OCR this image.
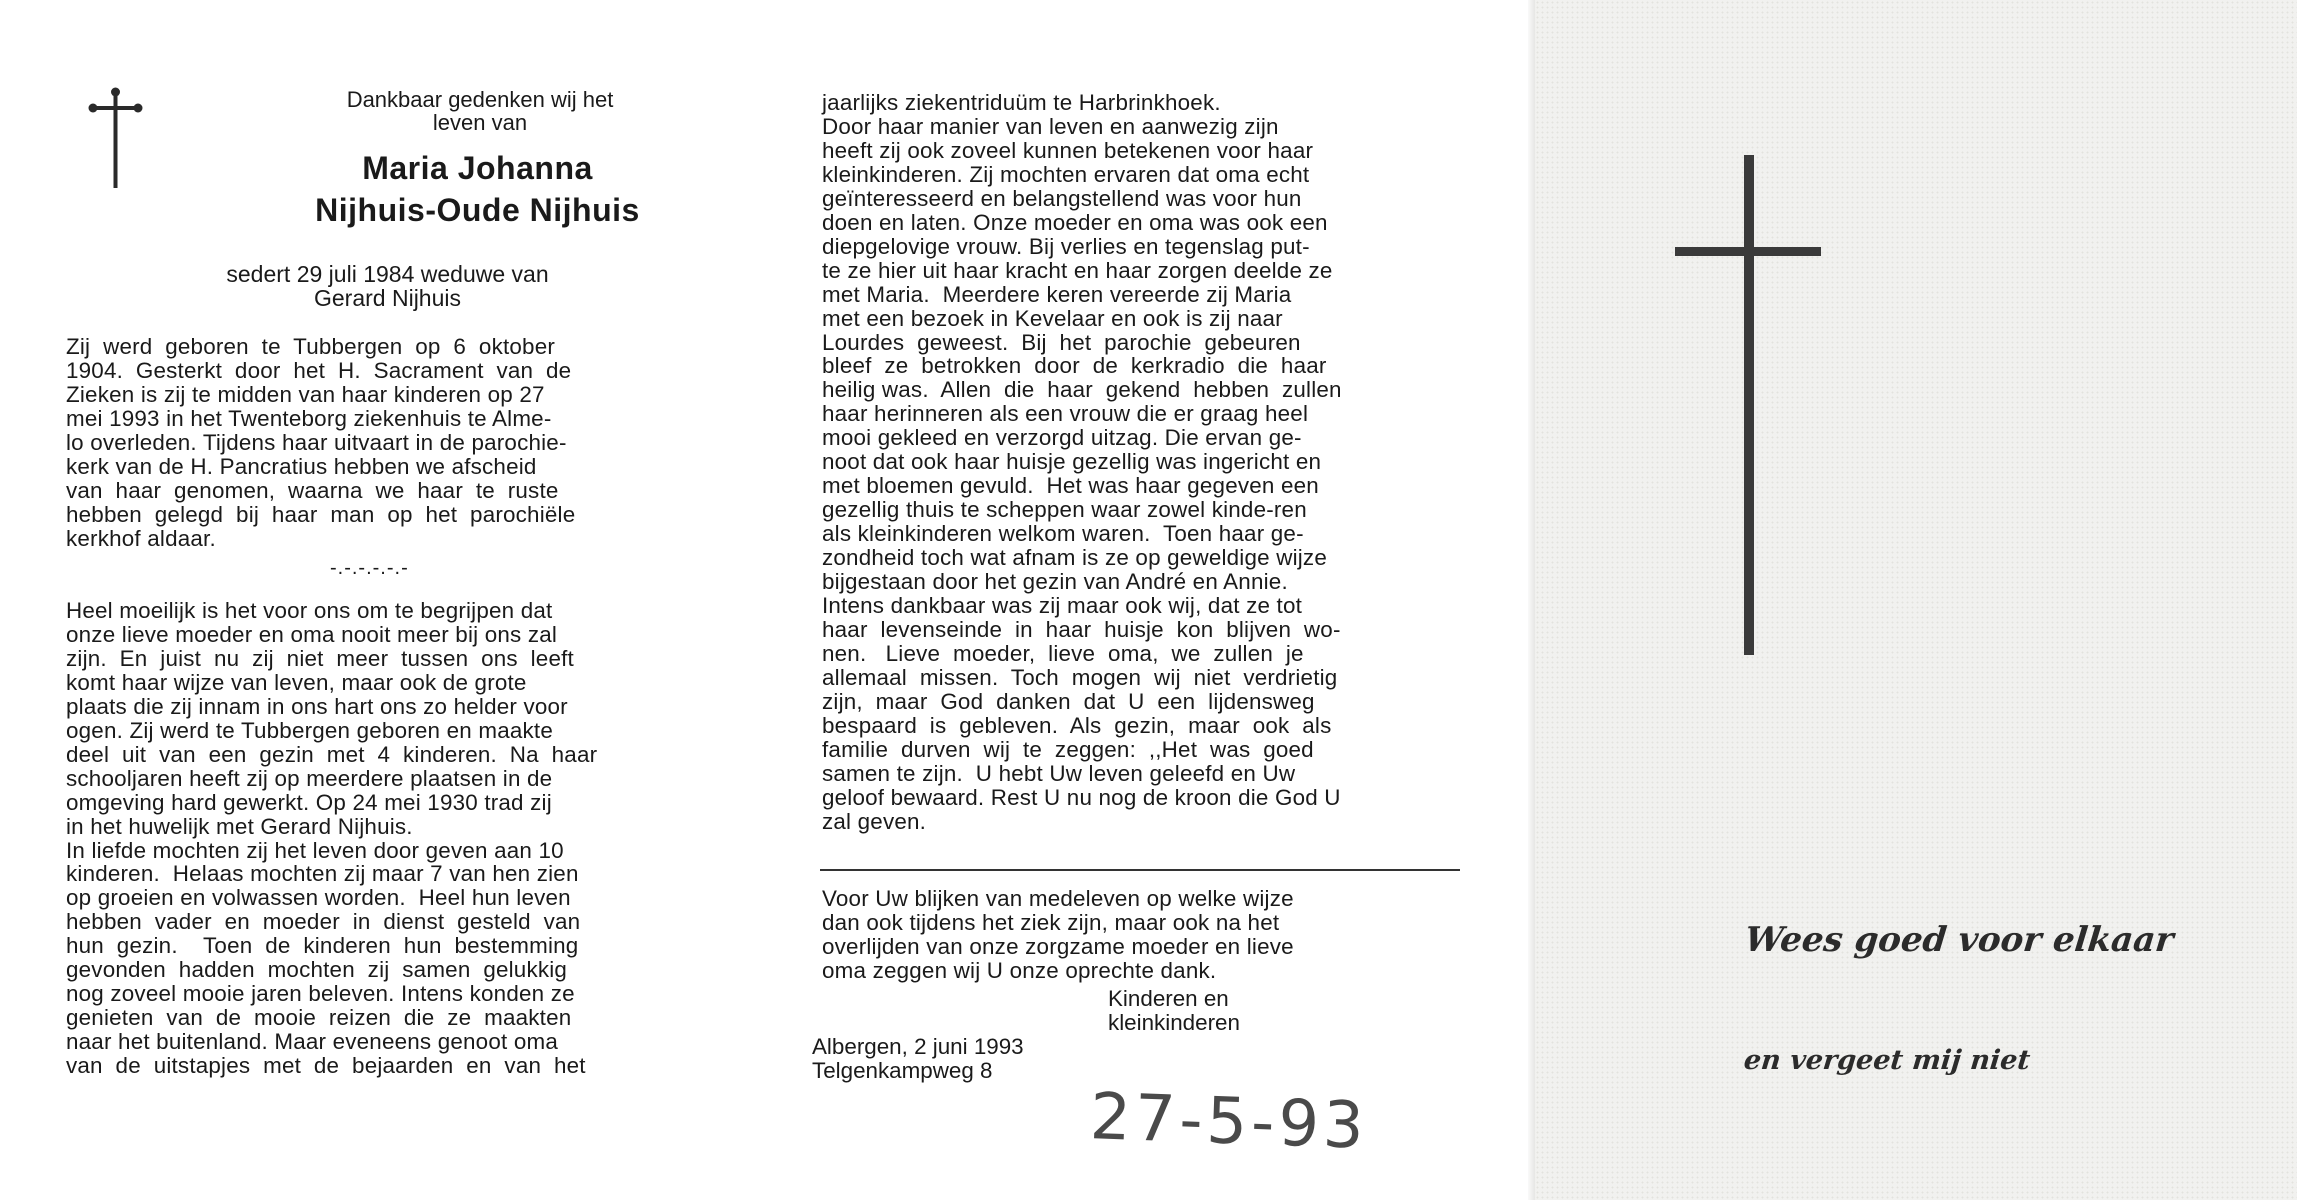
Dankbaar gedenken wij het
leven van
Maria Johanna
Nijhuis-Oude Nijhuis
sedert 29 juli 1984 weduwe van
Gerard Nijhuis
Zij  werd  geboren  te  Tubbergen  op  6  oktober
1904.  Gesterkt  door  het  H.  Sacrament  van  de
Zieken is zij te midden van haar kinderen op 27
mei 1993 in het Twenteborg ziekenhuis te Alme-
lo overleden. Tijdens haar uitvaart in de parochie-
kerk van de H. Pancratius hebben we afscheid
van  haar  genomen,  waarna  we  haar  te  ruste
hebben  gelegd  bij  haar  man  op  het  parochiële
kerkhof aldaar.
-.-.-.-.-.-
Heel moeilijk is het voor ons om te begrijpen dat
onze lieve moeder en oma nooit meer bij ons zal
zijn.  En  juist  nu  zij  niet  meer  tussen  ons  leeft
komt haar wijze van leven, maar ook de grote
plaats die zij innam in ons hart ons zo helder voor
ogen. Zij werd te Tubbergen geboren en maakte
deel  uit  van  een  gezin  met  4  kinderen.  Na  haar
schooljaren heeft zij op meerdere plaatsen in de
omgeving hard gewerkt. Op 24 mei 1930 trad zij
in het huwelijk met Gerard Nijhuis.
In liefde mochten zij het leven door geven aan 10
kinderen.  Helaas mochten zij maar 7 van hen zien
op groeien en volwassen worden.  Heel hun leven
hebben  vader  en  moeder  in  dienst  gesteld  van
hun  gezin.    Toen  de  kinderen  hun  bestemming
gevonden  hadden  mochten  zij  samen  gelukkig
nog zoveel mooie jaren beleven. Intens konden ze
genieten  van  de  mooie  reizen  die  ze  maakten
naar het buitenland. Maar eveneens genoot oma
van  de  uitstapjes  met  de  bejaarden  en  van  het
jaarlijks ziekentriduüm te Harbrinkhoek.
Door haar manier van leven en aanwezig zijn
heeft zij ook zoveel kunnen betekenen voor haar
kleinkinderen. Zij mochten ervaren dat oma echt
geïnteresseerd en belangstellend was voor hun
doen en laten. Onze moeder en oma was ook een
diepgelovige vrouw. Bij verlies en tegenslag put-
te ze hier uit haar kracht en haar zorgen deelde ze
met Maria.  Meerdere keren vereerde zij Maria
met een bezoek in Kevelaar en ook is zij naar
Lourdes  geweest.  Bij  het  parochie  gebeuren
bleef  ze  betrokken  door  de  kerkradio  die  haar
heilig was.  Allen  die  haar  gekend  hebben  zullen
haar herinneren als een vrouw die er graag heel
mooi gekleed en verzorgd uitzag. Die ervan ge-
noot dat ook haar huisje gezellig was ingericht en
met bloemen gevuld.  Het was haar gegeven een
gezellig thuis te scheppen waar zowel kinde-ren
als kleinkinderen welkom waren.  Toen haar ge-
zondheid toch wat afnam is ze op geweldige wijze
bijgestaan door het gezin van André en Annie.
Intens dankbaar was zij maar ook wij, dat ze tot
haar  levenseinde  in  haar  huisje  kon  blijven  wo-
nen.   Lieve  moeder,  lieve  oma,  we  zullen  je
allemaal  missen.  Toch  mogen  wij  niet  verdrietig
zijn,  maar  God  danken  dat  U  een  lijdensweg
bespaard  is  gebleven.  Als  gezin,  maar  ook  als
familie  durven  wij  te  zeggen:  ,,Het  was  goed
samen te zijn.  U hebt Uw leven geleefd en Uw
geloof bewaard. Rest U nu nog de kroon die God U
zal geven.
Voor Uw blijken van medeleven op welke wijze
dan ook tijdens het ziek zijn, maar ook na het
overlijden van onze zorgzame moeder en lieve
oma zeggen wij U onze oprechte dank.
Kinderen en
kleinkinderen
Albergen, 2 juni 1993
Telgenkampweg 8
27-5-93
Wees goed voor elkaar
en vergeet mij niet
